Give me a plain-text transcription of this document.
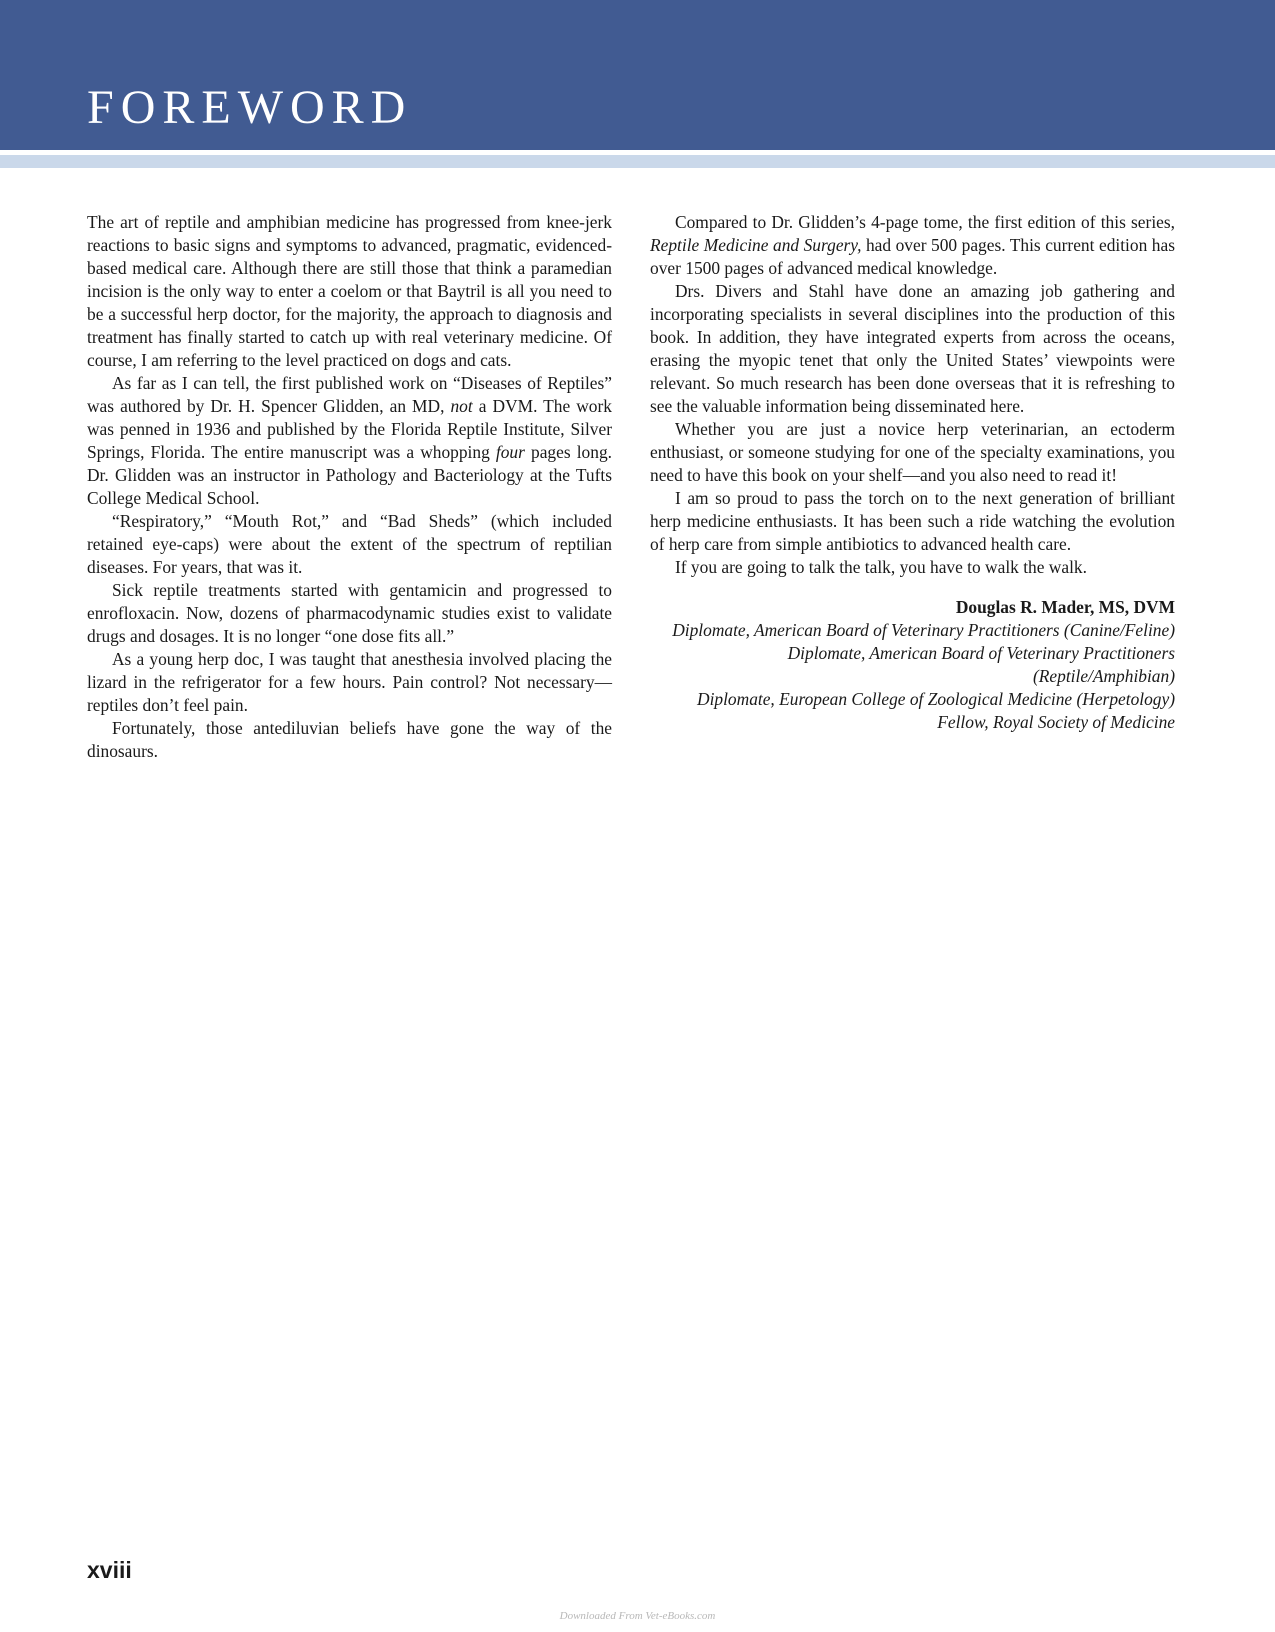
FOREWORD

The art of reptile and amphibian medicine has progressed from knee-jerk reactions to basic signs and symptoms to advanced, pragmatic, evidenced-based medical care. Although there are still those that think a paramedian incision is the only way to enter a coelom or that Baytril is all you need to be a successful herp doctor, for the majority, the approach to diagnosis and treatment has finally started to catch up with real veterinary medicine. Of course, I am referring to the level practiced on dogs and cats.

As far as I can tell, the first published work on “Diseases of Reptiles” was authored by Dr. H. Spencer Glidden, an MD, not a DVM. The work was penned in 1936 and published by the Florida Reptile Institute, Silver Springs, Florida. The entire manuscript was a whopping four pages long. Dr. Glidden was an instructor in Pathology and Bacteriology at the Tufts College Medical School.

“Respiratory,” “Mouth Rot,” and “Bad Sheds” (which included retained eye-caps) were about the extent of the spectrum of reptilian diseases. For years, that was it.

Sick reptile treatments started with gentamicin and progressed to enrofloxacin. Now, dozens of pharmacodynamic studies exist to validate drugs and dosages. It is no longer “one dose fits all.”

As a young herp doc, I was taught that anesthesia involved placing the lizard in the refrigerator for a few hours. Pain control? Not necessary—reptiles don’t feel pain.

Fortunately, those antediluvian beliefs have gone the way of the dinosaurs.

Compared to Dr. Glidden’s 4-page tome, the first edition of this series, Reptile Medicine and Surgery, had over 500 pages. This current edition has over 1500 pages of advanced medical knowledge.

Drs. Divers and Stahl have done an amazing job gathering and incorporating specialists in several disciplines into the production of this book. In addition, they have integrated experts from across the oceans, erasing the myopic tenet that only the United States’ viewpoints were relevant. So much research has been done overseas that it is refreshing to see the valuable information being disseminated here.

Whether you are just a novice herp veterinarian, an ectoderm enthusiast, or someone studying for one of the specialty examinations, you need to have this book on your shelf—and you also need to read it!

I am so proud to pass the torch on to the next generation of brilliant herp medicine enthusiasts. It has been such a ride watching the evolution of herp care from simple antibiotics to advanced health care.

If you are going to talk the talk, you have to walk the walk.

Douglas R. Mader, MS, DVM
Diplomate, American Board of Veterinary Practitioners (Canine/Feline)
Diplomate, American Board of Veterinary Practitioners
(Reptile/Amphibian)
Diplomate, European College of Zoological Medicine (Herpetology)
Fellow, Royal Society of Medicine
xviii
Downloaded From Vet-eBooks.com
